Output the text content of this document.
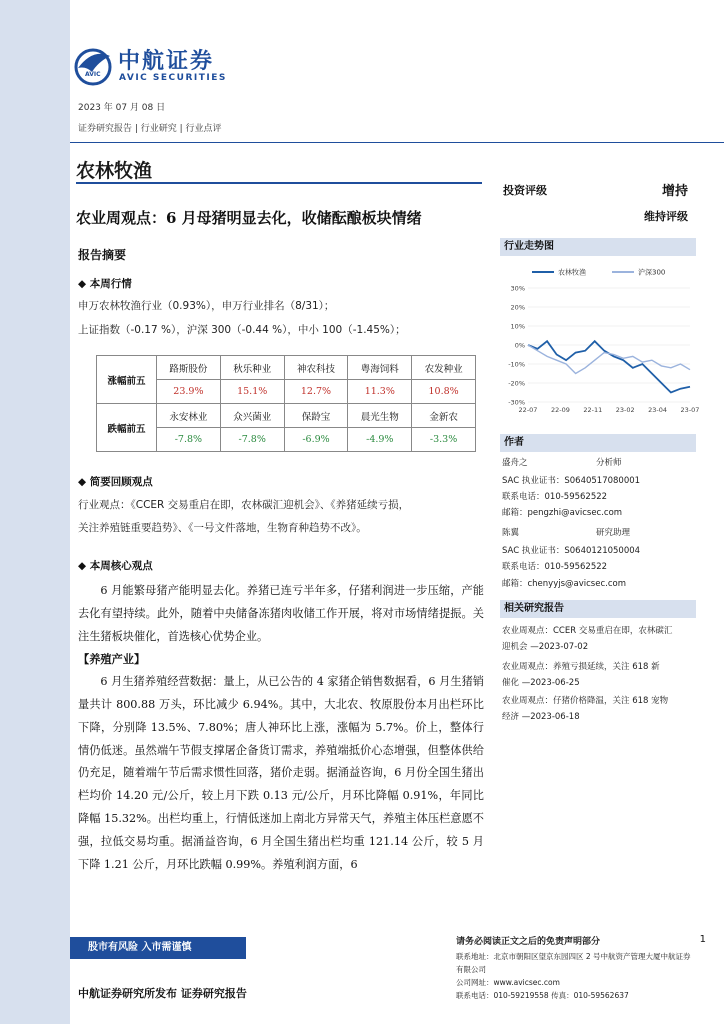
AVIC
中航证券
AVIC SECURITIES
2023 年 07 月 08 日
证券研究报告 | 行业研究 | 行业点评
农林牧渔
农业周观点：6 月母猪明显去化，收储酝酿板块情绪
投资评级	增持
维持评级
报告摘要
◆ 本周行情
申万农林牧渔行业（0.93%），申万行业排名（8/31）；
上证指数（-0.17 %），沪深 300（-0.44 %），中小 100（-1.45%）；
涨幅前五	路斯股份	秋乐种业	神农科技	粤海饲料	农发种业
	23.9%	15.1%	12.7%	11.3%	10.8%
跌幅前五	永安林业	众兴菌业	保龄宝	晨光生物	金新农
	-7.8%	-7.8%	-6.9%	-4.9%	-3.3%
◆ 简要回顾观点
行业观点：《CCER 交易重启在即，农林碳汇迎机会》、《养猪延续亏损，
关注养殖链重要趋势》、《一号文件落地，生物育种趋势不改》。
◆ 本周核心观点

6 月能繁母猪产能明显去化。养猪已连亏半年多，仔猪利润进一步压缩，产能去化有望持续。此外，随着中央储备冻猪肉收储工作开展，将对市场情绪提振。关注生猪板块催化，首选核心优势企业。

【养殖产业】

6 月生猪养殖经营数据：量上，从已公告的 4 家猪企销售数据看，6 月生猪销量共计 800.88 万头，环比减少 6.94%。其中，大北农、牧原股份本月出栏环比下降，分别降 13.5%、7.80%；唐人神环比上涨，涨幅为 5.7%。价上，整体行情仍低迷。虽然端午节假支撑屠企备货订需求，养殖端抵价心态增强，但整体供给仍充足，随着端午节后需求惯性回落，猪价走弱。据涌益咨询，6 月份全国生猪出栏均价 14.20 元/公斤，较上月下跌 0.13 元/公斤，月环比降幅 0.91%，年同比降幅 15.32%。出栏均重上，行情低迷加上南北方异常天气，养殖主体压栏意愿不强，拉低交易均重。据涌益咨询，6 月全国生猪出栏均重 121.14 公斤，较 5 月下降 1.21 公斤，月环比跌幅 0.99%。养殖利润方面，6

行业走势图
30%
20%
10%
0%
-10%
-20%
-30%
22-07 22-09 22-11 23-02 23-04 23-07
农林牧渔	沪深300
作者
盛舟之	分析师
SAC 执业证书：S0640517080001
联系电话：010-59562522
邮箱：pengzhi@avicsec.com
陈翼	研究助理
SAC 执业证书：S0640121050004
联系电话：010-59562522
邮箱：chenyyjs@avicsec.com
相关研究报告
农业周观点：CCER 交易重启在即，农林碳汇
迎机会 —2023-07-02
农业周观点：养殖亏损延续，关注 618 新
催化 —2023-06-25
农业周观点：仔猪价格降温，关注 618 宠物
经济 —2023-06-18
股市有风险 入市需谨慎	请务必阅读正文之后的免责声明部分
联系地址：北京市朝阳区望京东园四区 2 号中航资产管理大厦中航证券
有限公司
公司网址：www.avicsec.com
联系电话：010-59219558 传真：010-59562637
1
中航证券研究所发布 证券研究报告
